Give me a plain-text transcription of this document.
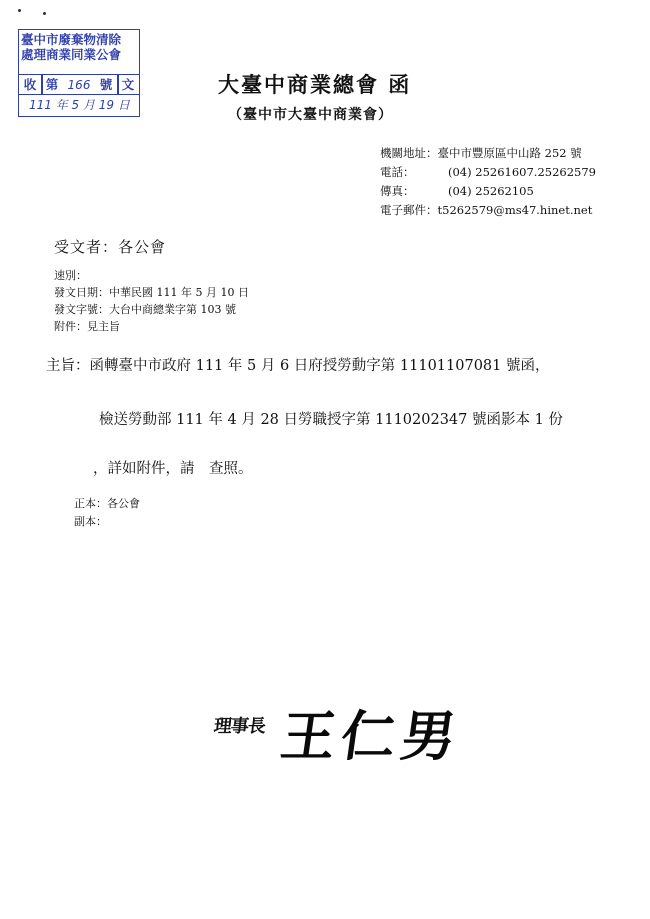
臺中市廢棄物清除
處理商業同業公會
收 第 166 號 文
111 年 5 月 19 日
大臺中商業總會 函
（臺中市大臺中商業會）
機關地址：臺中市豐原區中山路 252 號
電話：	(04) 25261607.25262579
傳真：	(04) 25262105
電子郵件：t5262579@ms47.hinet.net
受文者：各公會
速別：
發文日期：中華民國 111 年 5 月 10 日
發文字號：大台中商總業字第 103 號
附件：見主旨
主旨：函轉臺中市政府 111 年 5 月 6 日府授勞動字第 11101107081 號函，
檢送勞動部 111 年 4 月 28 日勞職授字第 1110202347 號函影本 1 份
，詳如附件，請　查照。
正本：各公會
副本：
理事長 王仁男
